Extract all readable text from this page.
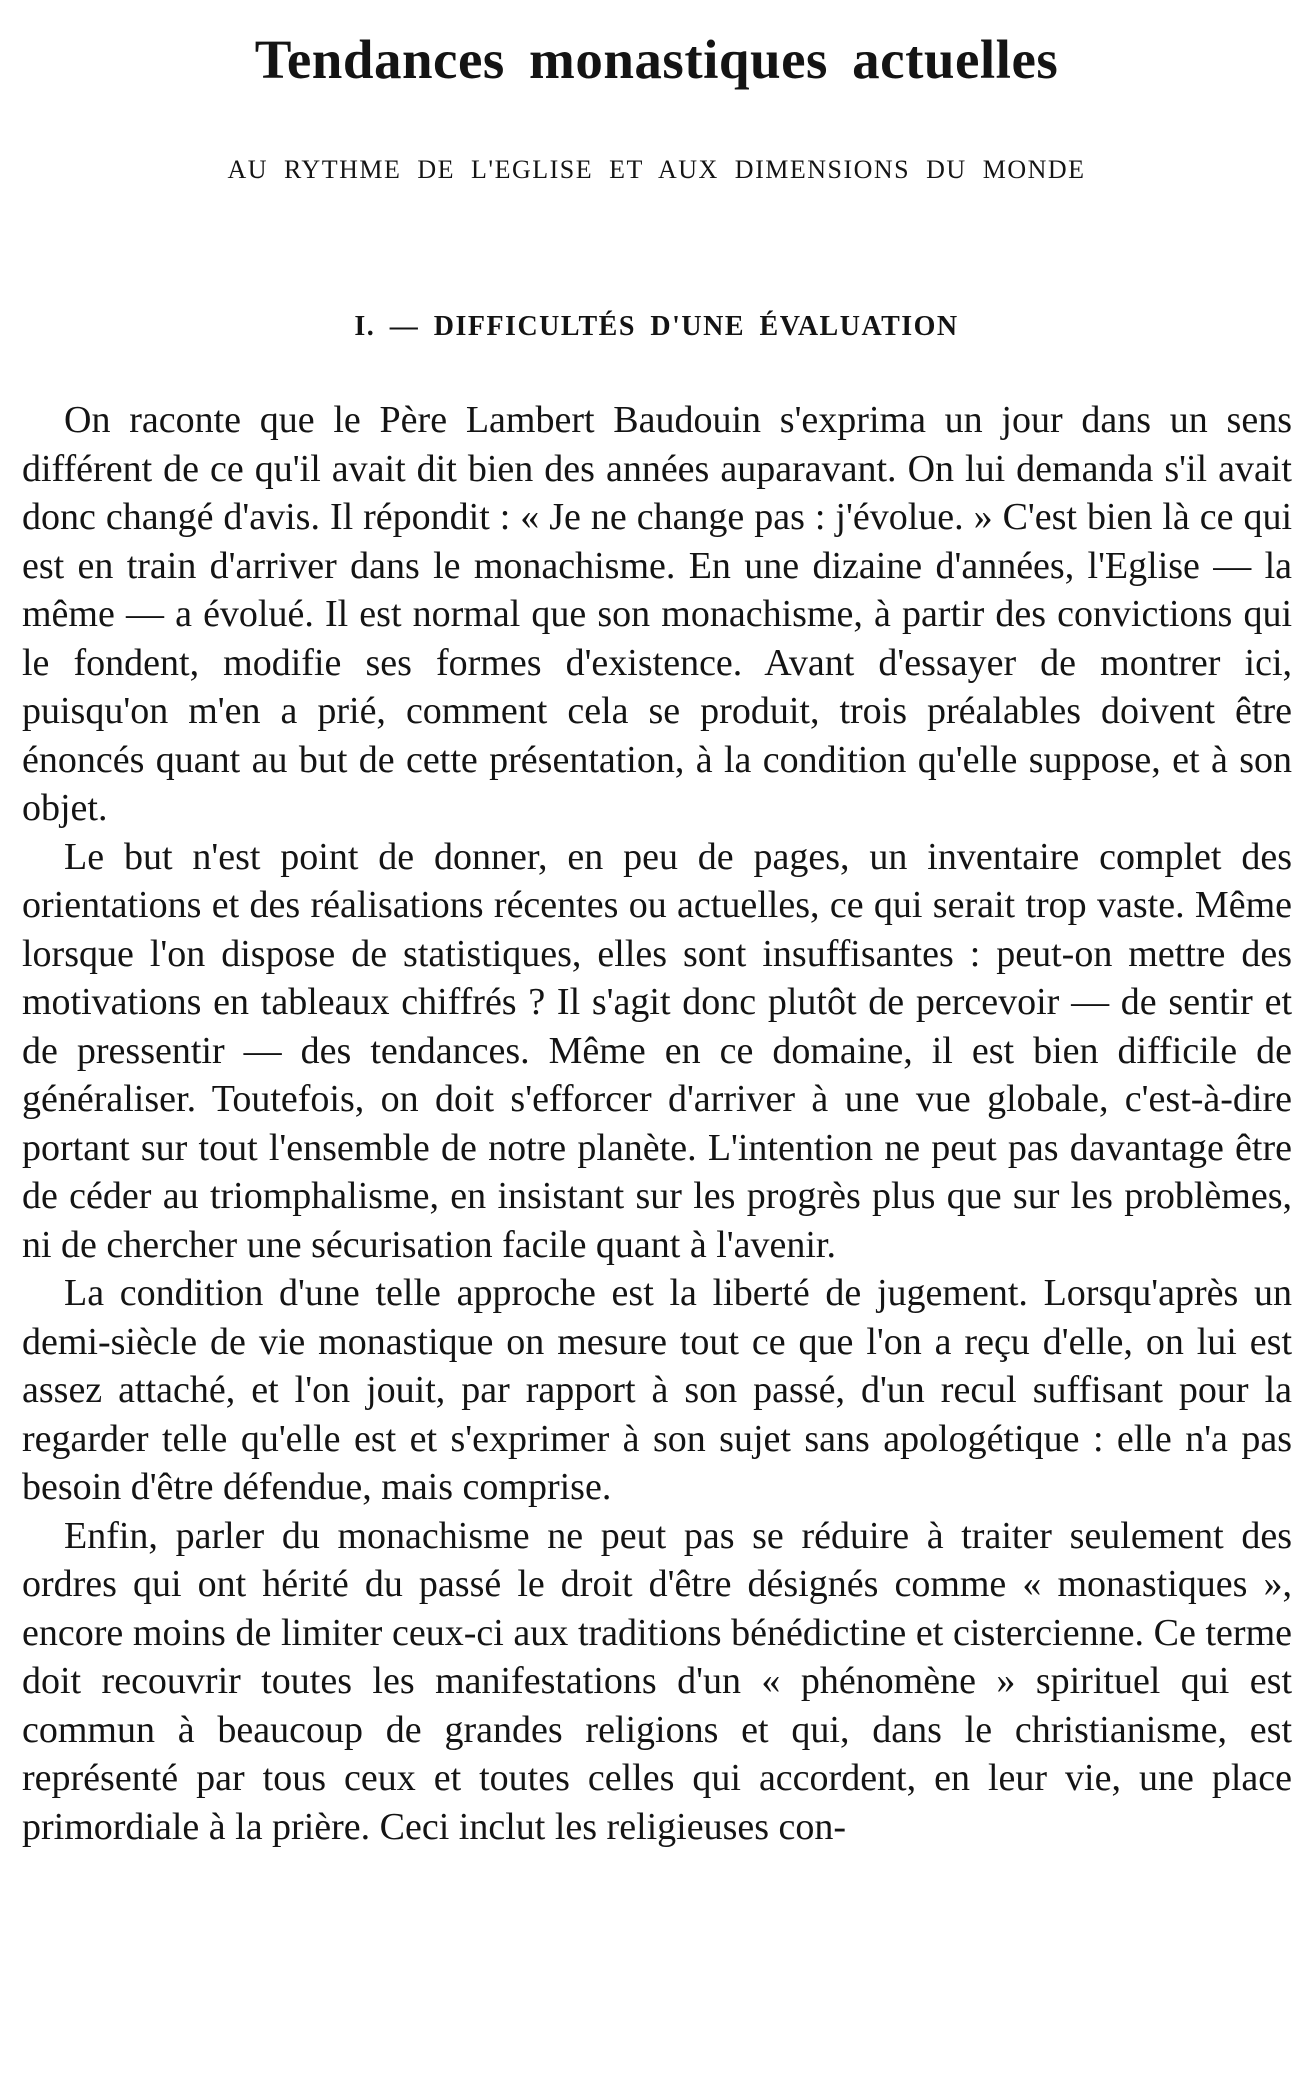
Tendances monastiques actuelles
AU RYTHME DE L'EGLISE ET AUX DIMENSIONS DU MONDE
I. — DIFFICULTÉS D'UNE ÉVALUATION

On raconte que le Père Lambert Baudouin s'exprima un jour dans un sens différent de ce qu'il avait dit bien des années auparavant. On lui demanda s'il avait donc changé d'avis. Il répondit : « Je ne change pas : j'évolue. » C'est bien là ce qui est en train d'arriver dans le monachisme. En une dizaine d'années, l'Eglise — la même — a évolué. Il est normal que son monachisme, à partir des convictions qui le fondent, modifie ses formes d'existence. Avant d'essayer de montrer ici, puisqu'on m'en a prié, comment cela se produit, trois préalables doivent être énoncés quant au but de cette présentation, à la condition qu'elle suppose, et à son objet.

Le but n'est point de donner, en peu de pages, un inventaire complet des orientations et des réalisations récentes ou actuelles, ce qui serait trop vaste. Même lorsque l'on dispose de statistiques, elles sont insuffisantes : peut-on mettre des motivations en tableaux chiffrés ? Il s'agit donc plutôt de percevoir — de sentir et de pressentir — des tendances. Même en ce domaine, il est bien difficile de généraliser. Toutefois, on doit s'efforcer d'arriver à une vue globale, c'est-à-dire portant sur tout l'ensemble de notre planète. L'intention ne peut pas davantage être de céder au triomphalisme, en insistant sur les progrès plus que sur les problèmes, ni de chercher une sécurisation facile quant à l'avenir.

La condition d'une telle approche est la liberté de jugement. Lorsqu'après un demi-siècle de vie monastique on mesure tout ce que l'on a reçu d'elle, on lui est assez attaché, et l'on jouit, par rapport à son passé, d'un recul suffisant pour la regarder telle qu'elle est et s'exprimer à son sujet sans apologétique : elle n'a pas besoin d'être défendue, mais comprise.

Enfin, parler du monachisme ne peut pas se réduire à traiter seulement des ordres qui ont hérité du passé le droit d'être désignés comme « monastiques », encore moins de limiter ceux-ci aux traditions bénédictine et cistercienne. Ce terme doit recouvrir toutes les manifestations d'un « phénomène » spirituel qui est commun à beaucoup de grandes religions et qui, dans le christianisme, est représenté par tous ceux et toutes celles qui accordent, en leur vie, une place primordiale à la prière. Ceci inclut les religieuses con-
